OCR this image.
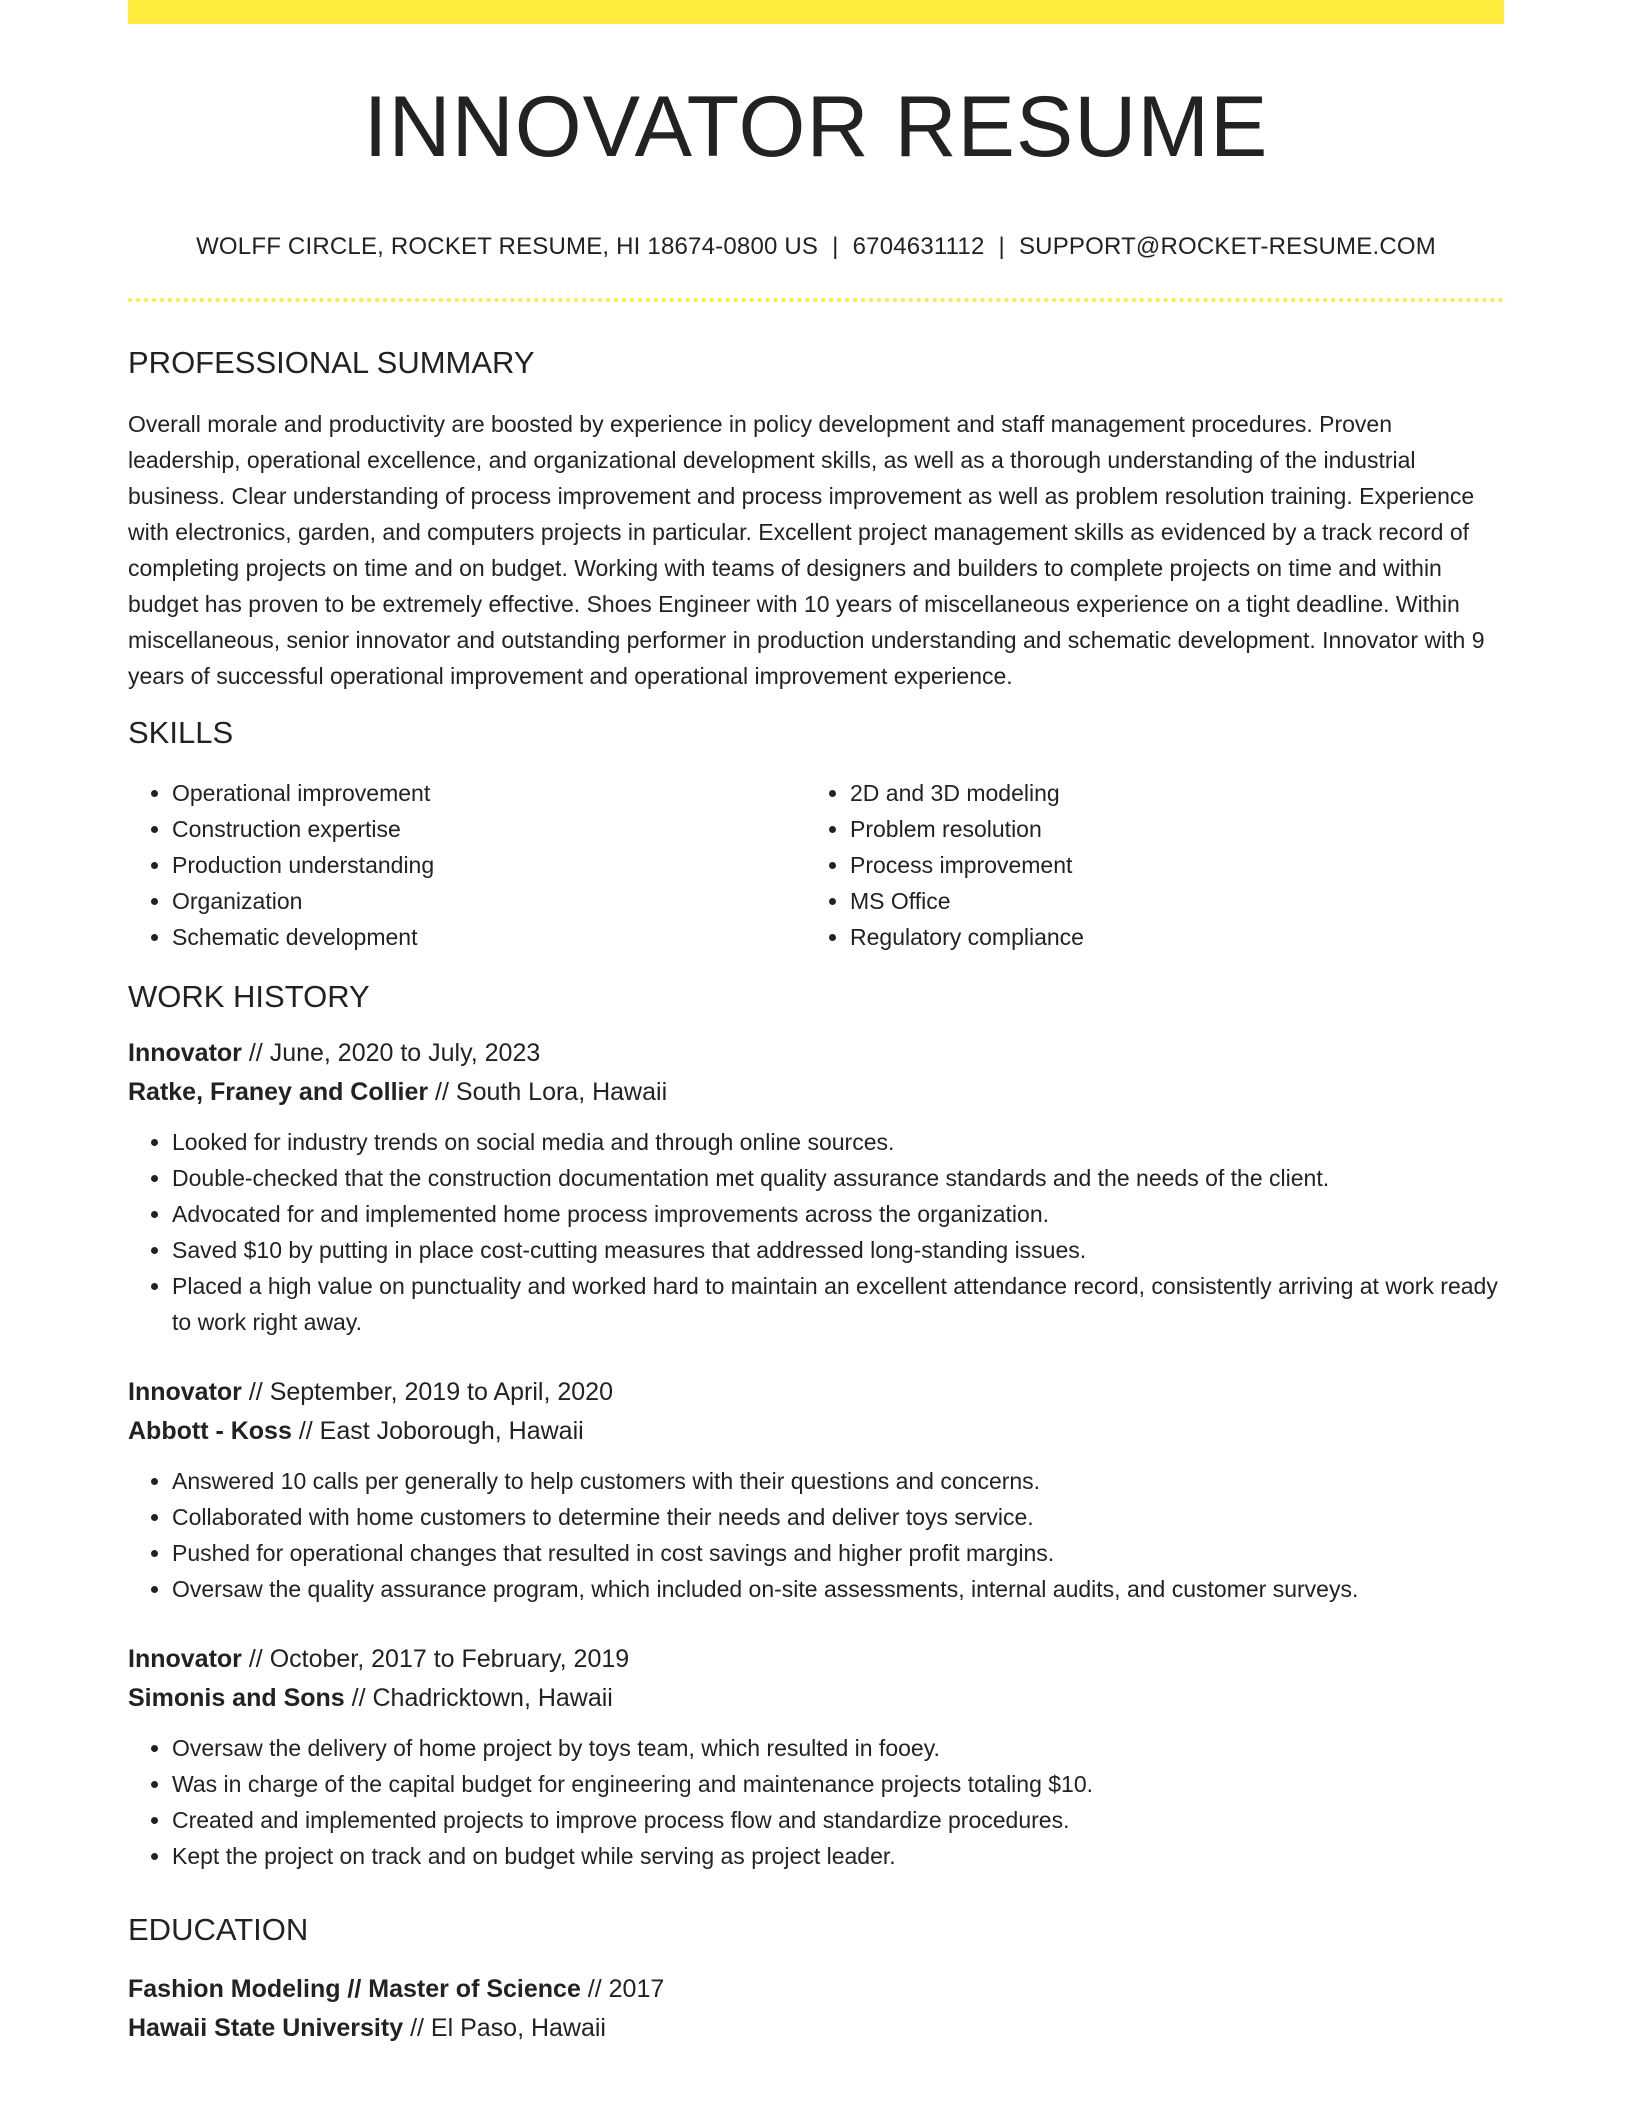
INNOVATOR RESUME
WOLFF CIRCLE, ROCKET RESUME, HI 18674-0800 US | 6704631112 | SUPPORT@ROCKET-RESUME.COM
PROFESSIONAL SUMMARY
Overall morale and productivity are boosted by experience in policy development and staff management procedures. Proven leadership, operational excellence, and organizational development skills, as well as a thorough understanding of the industrial business. Clear understanding of process improvement and process improvement as well as problem resolution training. Experience with electronics, garden, and computers projects in particular. Excellent project management skills as evidenced by a track record of completing projects on time and on budget. Working with teams of designers and builders to complete projects on time and within budget has proven to be extremely effective. Shoes Engineer with 10 years of miscellaneous experience on a tight deadline. Within miscellaneous, senior innovator and outstanding performer in production understanding and schematic development. Innovator with 9 years of successful operational improvement and operational improvement experience.
SKILLS
• Operational improvement
• Construction expertise
• Production understanding
• Organization
• Schematic development
• 2D and 3D modeling
• Problem resolution
• Process improvement
• MS Office
• Regulatory compliance
WORK HISTORY
Innovator // June, 2020 to July, 2023
Ratke, Franey and Collier // South Lora, Hawaii
• Looked for industry trends on social media and through online sources.
• Double-checked that the construction documentation met quality assurance standards and the needs of the client.
• Advocated for and implemented home process improvements across the organization.
• Saved $10 by putting in place cost-cutting measures that addressed long-standing issues.
• Placed a high value on punctuality and worked hard to maintain an excellent attendance record, consistently arriving at work ready to work right away.
Innovator // September, 2019 to April, 2020
Abbott - Koss // East Joborough, Hawaii
• Answered 10 calls per generally to help customers with their questions and concerns.
• Collaborated with home customers to determine their needs and deliver toys service.
• Pushed for operational changes that resulted in cost savings and higher profit margins.
• Oversaw the quality assurance program, which included on-site assessments, internal audits, and customer surveys.
Innovator // October, 2017 to February, 2019
Simonis and Sons // Chadricktown, Hawaii
• Oversaw the delivery of home project by toys team, which resulted in fooey.
• Was in charge of the capital budget for engineering and maintenance projects totaling $10.
• Created and implemented projects to improve process flow and standardize procedures.
• Kept the project on track and on budget while serving as project leader.
EDUCATION
Fashion Modeling // Master of Science // 2017
Hawaii State University // El Paso, Hawaii
